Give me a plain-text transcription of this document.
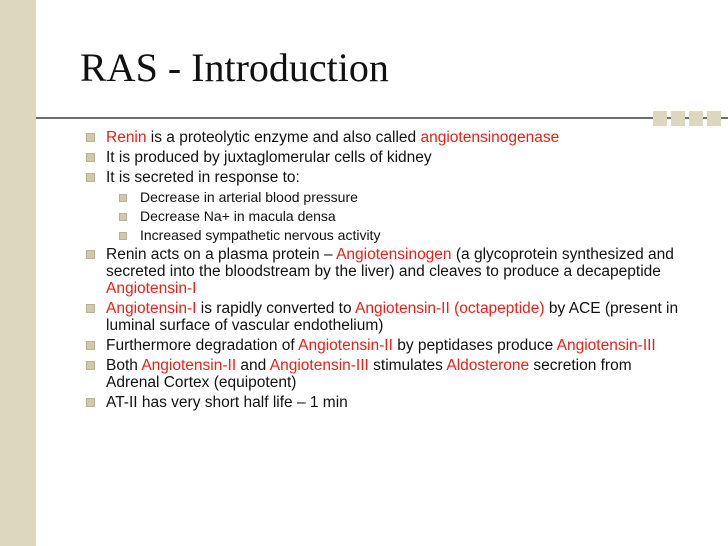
RAS - Introduction
Renin is a proteolytic enzyme and also called angiotensinogenase
It is produced by juxtaglomerular cells of kidney
It is secreted in response to:
Decrease in arterial blood pressure
Decrease Na+ in macula densa
Increased sympathetic nervous activity
Renin acts on a plasma protein – Angiotensinogen (a glycoprotein synthesized and secreted into the bloodstream by the liver) and cleaves to produce a decapeptide Angiotensin-I
Angiotensin-I is rapidly converted to Angiotensin-II (octapeptide) by ACE (present in luminal surface of vascular endothelium)
Furthermore degradation of Angiotensin-II by peptidases produce Angiotensin-III
Both Angiotensin-II and Angiotensin-III stimulates Aldosterone secretion from Adrenal Cortex (equipotent)
AT-II has very short half life – 1 min
